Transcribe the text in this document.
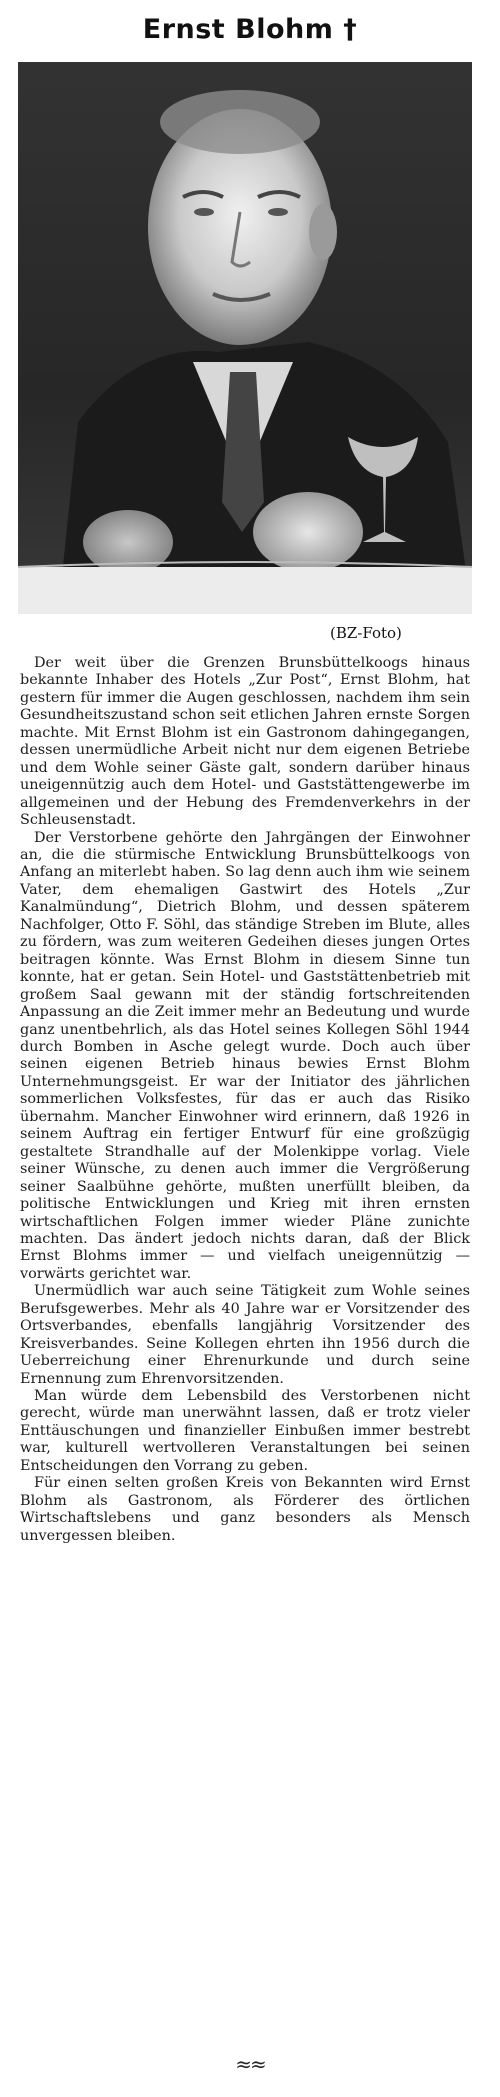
Ernst Blohm †
(BZ-Foto)

Der weit über die Grenzen Brunsbüttelkoogs hinaus bekannte Inhaber des Hotels „Zur Post“, Ernst Blohm, hat gestern für immer die Augen geschlossen, nachdem ihm sein Gesundheitszustand schon seit etlichen Jahren ernste Sorgen machte. Mit Ernst Blohm ist ein Gastronom dahingegangen, dessen unermüdliche Arbeit nicht nur dem eigenen Betriebe und dem Wohle seiner Gäste galt, sondern darüber hinaus uneigennützig auch dem Hotel- und Gaststättengewerbe im allgemeinen und der Hebung des Fremdenverkehrs in der Schleusenstadt.

Der Verstorbene gehörte den Jahrgängen der Einwohner an, die die stürmische Entwicklung Brunsbüttelkoogs von Anfang an miterlebt haben. So lag denn auch ihm wie seinem Vater, dem ehemaligen Gastwirt des Hotels „Zur Kanalmündung“, Dietrich Blohm, und dessen späterem Nachfolger, Otto F. Söhl, das ständige Streben im Blute, alles zu fördern, was zum weiteren Gedeihen dieses jungen Ortes beitragen könnte. Was Ernst Blohm in diesem Sinne tun konnte, hat er getan. Sein Hotel- und Gaststättenbetrieb mit großem Saal gewann mit der ständig fortschreitenden Anpassung an die Zeit immer mehr an Bedeutung und wurde ganz unentbehrlich, als das Hotel seines Kollegen Söhl 1944 durch Bomben in Asche gelegt wurde. Doch auch über seinen eigenen Betrieb hinaus bewies Ernst Blohm Unternehmungsgeist. Er war der Initiator des jährlichen sommerlichen Volksfestes, für das er auch das Risiko übernahm. Mancher Einwohner wird erinnern, daß 1926 in seinem Auftrag ein fertiger Entwurf für eine großzügig gestaltete Strandhalle auf der Molenkippe vorlag. Viele seiner Wünsche, zu denen auch immer die Vergrößerung seiner Saalbühne gehörte, mußten unerfüllt bleiben, da politische Entwicklungen und Krieg mit ihren ernsten wirtschaftlichen Folgen immer wieder Pläne zunichte machten. Das ändert jedoch nichts daran, daß der Blick Ernst Blohms immer — und vielfach uneigennützig — vorwärts gerichtet war.

Unermüdlich war auch seine Tätigkeit zum Wohle seines Berufsgewerbes. Mehr als 40 Jahre war er Vorsitzender des Ortsverbandes, ebenfalls langjährig Vorsitzender des Kreisverbandes. Seine Kollegen ehrten ihn 1956 durch die Ueberreichung einer Ehrenurkunde und durch seine Ernennung zum Ehrenvorsitzenden.

Man würde dem Lebensbild des Verstorbenen nicht gerecht, würde man unerwähnt lassen, daß er trotz vieler Enttäuschungen und finanzieller Einbußen immer bestrebt war, kulturell wertvolleren Veranstaltungen bei seinen Entscheidungen den Vorrang zu geben.

Für einen selten großen Kreis von Bekannten wird Ernst Blohm als Gastronom, als Förderer des örtlichen Wirtschaftslebens und ganz besonders als Mensch unvergessen bleiben.

≈≈
